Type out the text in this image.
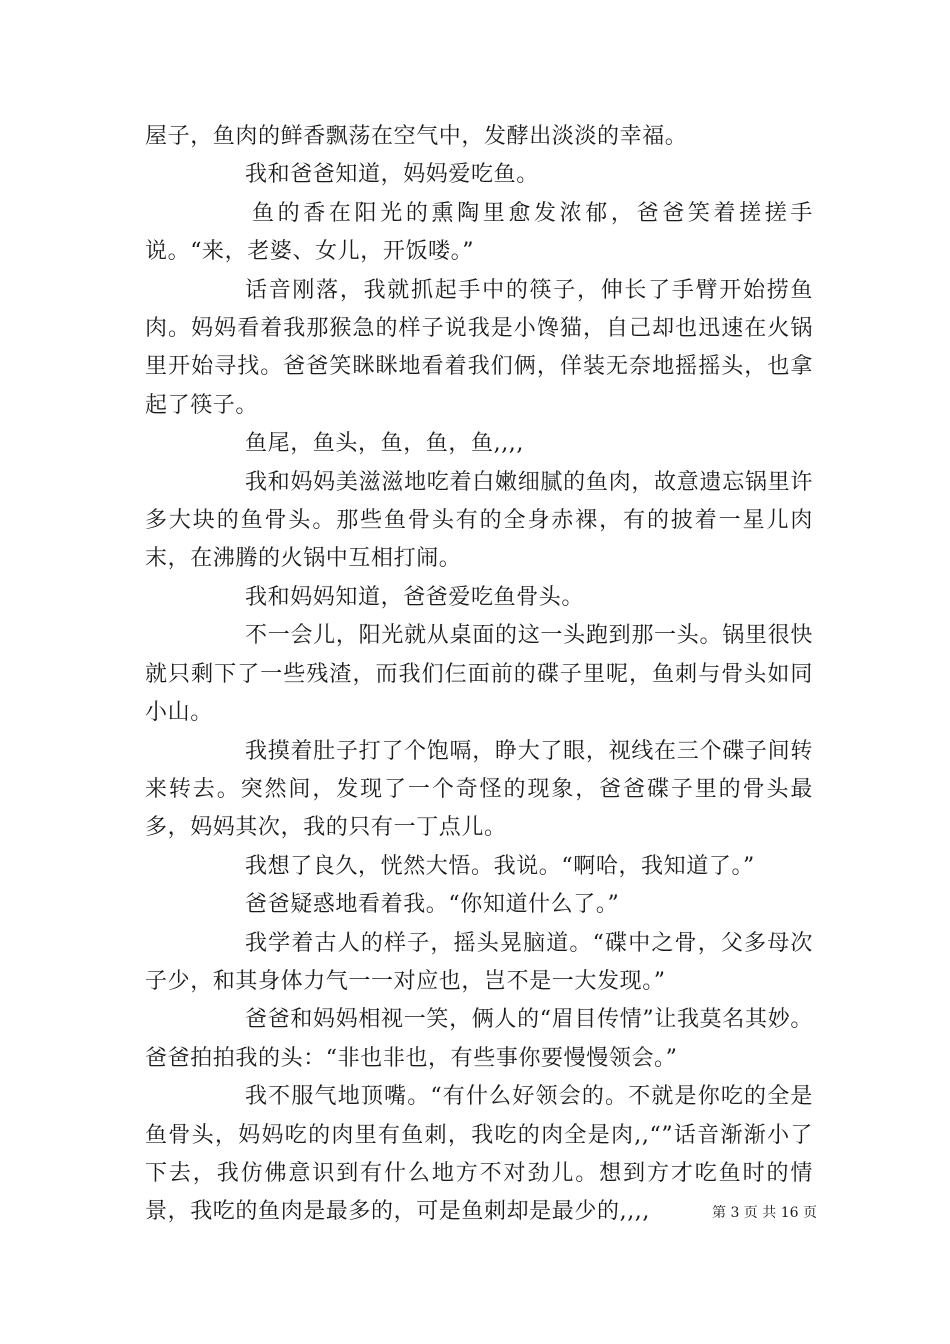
屋子，鱼肉的鲜香飘荡在空气中，发酵出淡淡的幸福。

我和爸爸知道，妈妈爱吃鱼。

鱼的香在阳光的熏陶里愈发浓郁，爸爸笑着搓搓手说。“来，老婆、女儿，开饭喽。”

话音刚落，我就抓起手中的筷子，伸长了手臂开始捞鱼肉。妈妈看着我那猴急的样子说我是小馋猫，自己却也迅速在火锅里开始寻找。爸爸笑眯眯地看着我们俩，佯装无奈地摇摇头，也拿起了筷子。

鱼尾，鱼头，鱼，鱼，鱼,,,,

我和妈妈美滋滋地吃着白嫩细腻的鱼肉，故意遗忘锅里许多大块的鱼骨头。那些鱼骨头有的全身赤裸，有的披着一星儿肉末，在沸腾的火锅中互相打闹。

我和妈妈知道，爸爸爱吃鱼骨头。

不一会儿，阳光就从桌面的这一头跑到那一头。锅里很快就只剩下了一些残渣，而我们仨面前的碟子里呢，鱼刺与骨头如同小山。

我摸着肚子打了个饱嗝，睁大了眼，视线在三个碟子间转来转去。突然间，发现了一个奇怪的现象，爸爸碟子里的骨头最多，妈妈其次，我的只有一丁点儿。

我想了良久，恍然大悟。我说。“啊哈，我知道了。”

爸爸疑惑地看着我。“你知道什么了。”

我学着古人的样子，摇头晃脑道。“碟中之骨，父多母次子少，和其身体力气一一对应也，岂不是一大发现。”

爸爸和妈妈相视一笑，俩人的“眉目传情”让我莫名其妙。爸爸拍拍我的头：“非也非也，有些事你要慢慢领会。”

我不服气地顶嘴。“有什么好领会的。不就是你吃的全是鱼骨头，妈妈吃的肉里有鱼刺，我吃的肉全是肉,,“”话音渐渐小了下去，我仿佛意识到有什么地方不对劲儿。想到方才吃鱼时的情景，我吃的鱼肉是最多的，可是鱼刺却是最少的,,,,	第 3 页 共 16 页
